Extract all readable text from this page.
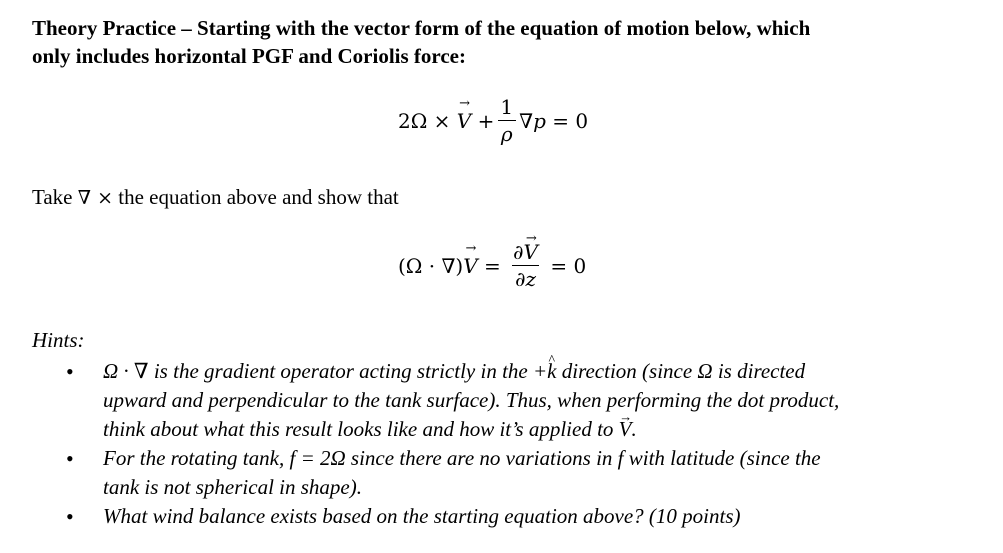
Theory Practice – Starting with the vector form of the equation of motion below, which
only includes horizontal PGF and Coriolis force:
2Ω × → $V + \frac{1}{\rho}$ ∇ p = 0
Take ∇ × the equation above and show that
(Ω · ∇) → $V = \frac{\partial\to V}{\partial z} = 0$
Hints:
• Ω · ∇ is the gradient operator acting strictly in the +^ k direction (since Ω is directed
upward and perpendicular to the tank surface). Thus, when performing the dot product,
think about what this result looks like and how it’s applied to → V.
• For the rotating tank, f = 2Ω since there are no variations in f with latitude (since the
tank is not spherical in shape).
• What wind balance exists based on the starting equation above? (10 points)
